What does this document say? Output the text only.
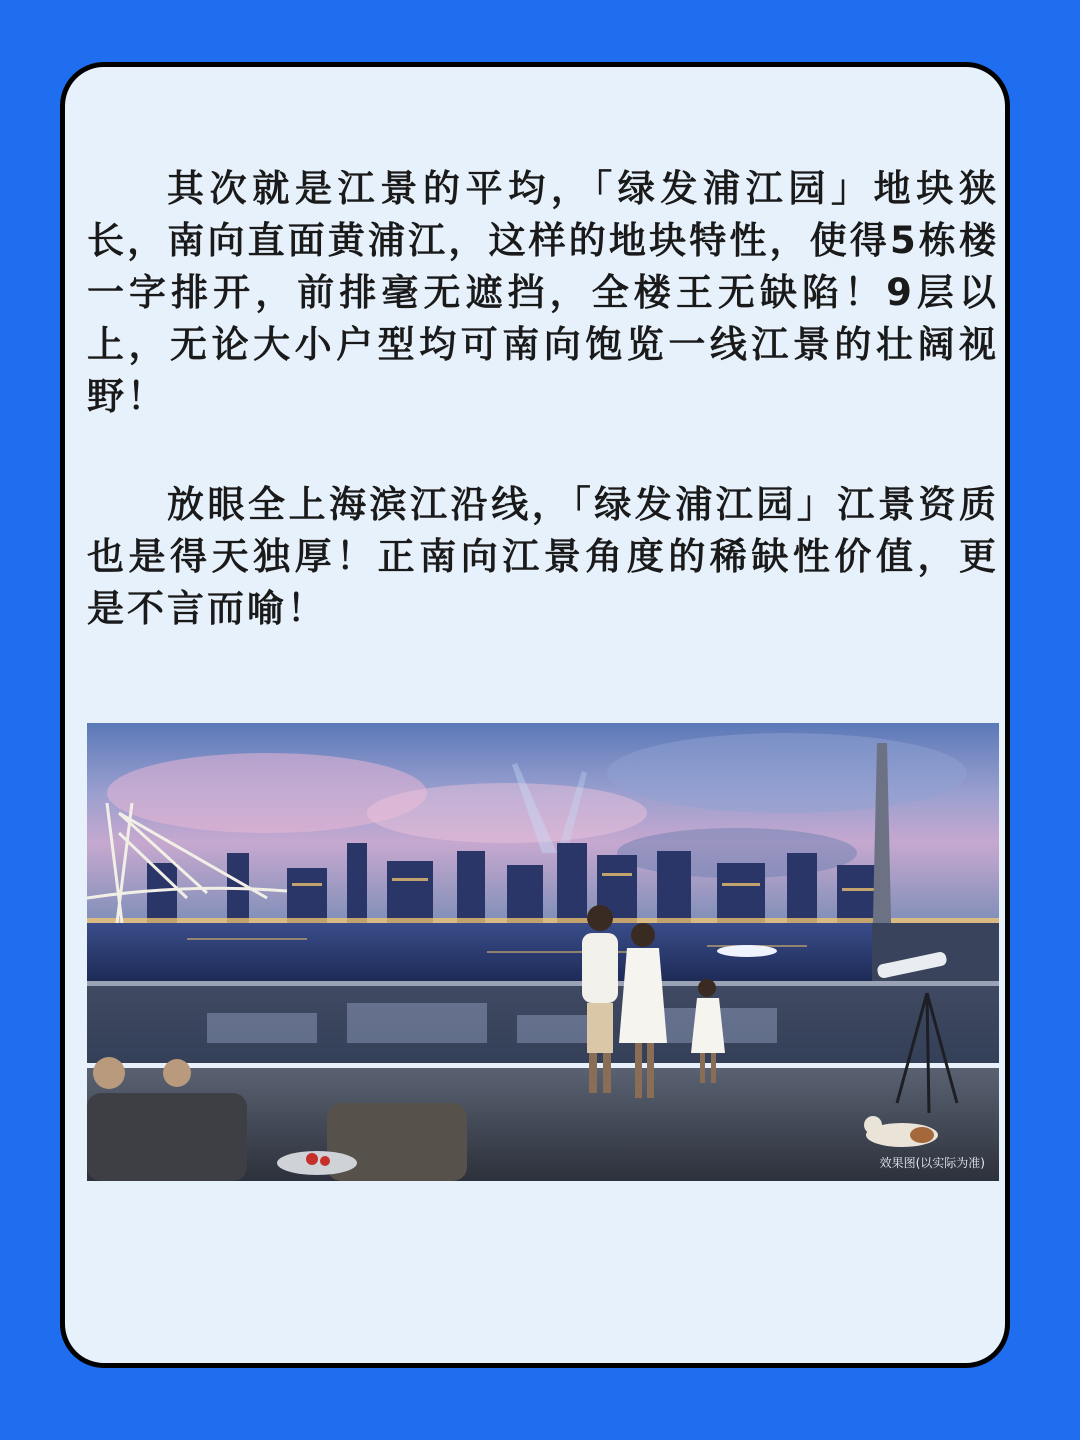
其次就是江景的平均，「绿发浦江园」地块狭长，南向直面黄浦江，这样的地块特性，使得5栋楼一字排开，前排毫无遮挡，全楼王无缺陷！9层以上，无论大小户型均可南向饱览一线江景的壮阔视野！

放眼全上海滨江沿线，「绿发浦江园」江景资质也是得天独厚！正南向江景角度的稀缺性价值，更是不言而喻！

效果图(以实际为准)
